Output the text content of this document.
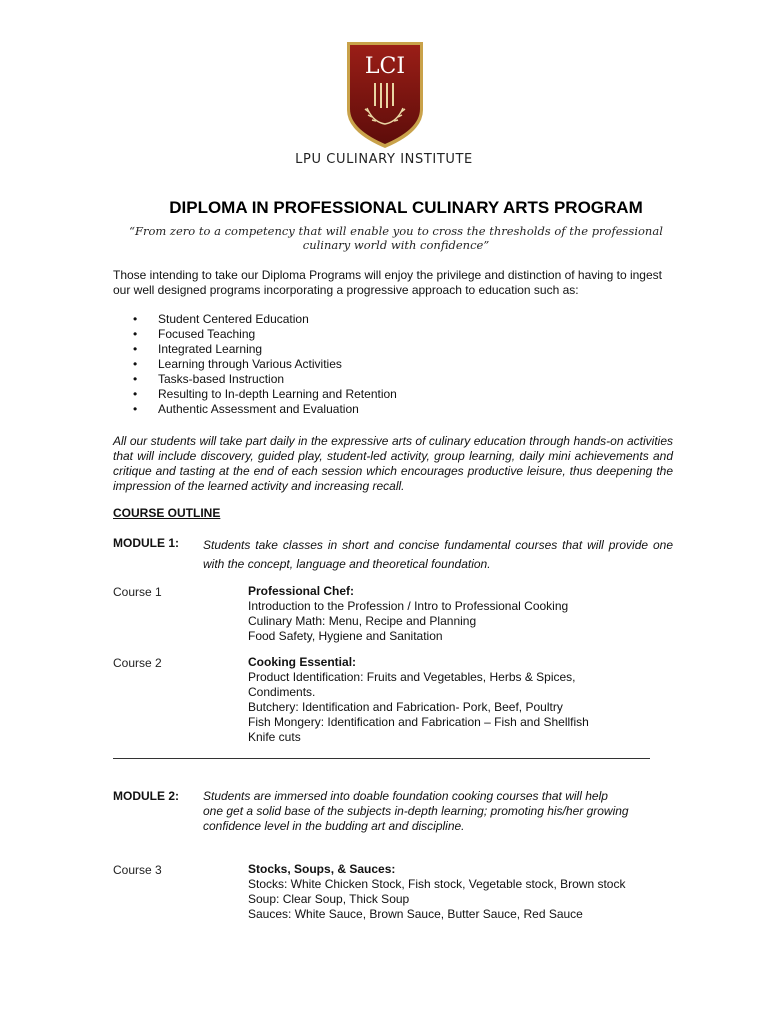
LCI
LPU CULINARY INSTITUTE
DIPLOMA IN PROFESSIONAL CULINARY ARTS PROGRAM
“From zero to a competency that will enable you to cross the thresholds of the professional culinary world with confidence”
Those intending to take our Diploma Programs will enjoy the privilege and distinction of having to ingest our well designed programs incorporating a progressive approach to education such as:
• Student Centered Education
• Focused Teaching
• Integrated Learning
• Learning through Various Activities
• Tasks-based Instruction
• Resulting to In-depth Learning and Retention
• Authentic Assessment and Evaluation
All our students will take part daily in the expressive arts of culinary education through hands-on activities that will include discovery, guided play, student-led activity, group learning, daily mini achievements and critique and tasting at the end of each session which encourages productive leisure, thus deepening the impression of the learned activity and increasing recall.
COURSE OUTLINE
MODULE 1: Students take classes in short and concise fundamental courses that will provide one with the concept, language and theoretical foundation.
Course 1	Professional Chef:
Introduction to the Profession / Intro to Professional Cooking
Culinary Math: Menu, Recipe and Planning
Food Safety, Hygiene and Sanitation
Course 2	Cooking Essential:
Product Identification: Fruits and Vegetables, Herbs & Spices, Condiments.
Butchery: Identification and Fabrication- Pork, Beef, Poultry
Fish Mongery: Identification and Fabrication – Fish and Shellfish
Knife cuts
MODULE 2: Students are immersed into doable foundation cooking courses that will help
one get a solid base of the subjects in-depth learning; promoting his/her growing
confidence level in the budding art and discipline.
Course 3	Stocks, Soups, & Sauces:
Stocks: White Chicken Stock, Fish stock, Vegetable stock, Brown stock
Soup: Clear Soup, Thick Soup
Sauces: White Sauce, Brown Sauce, Butter Sauce, Red Sauce
